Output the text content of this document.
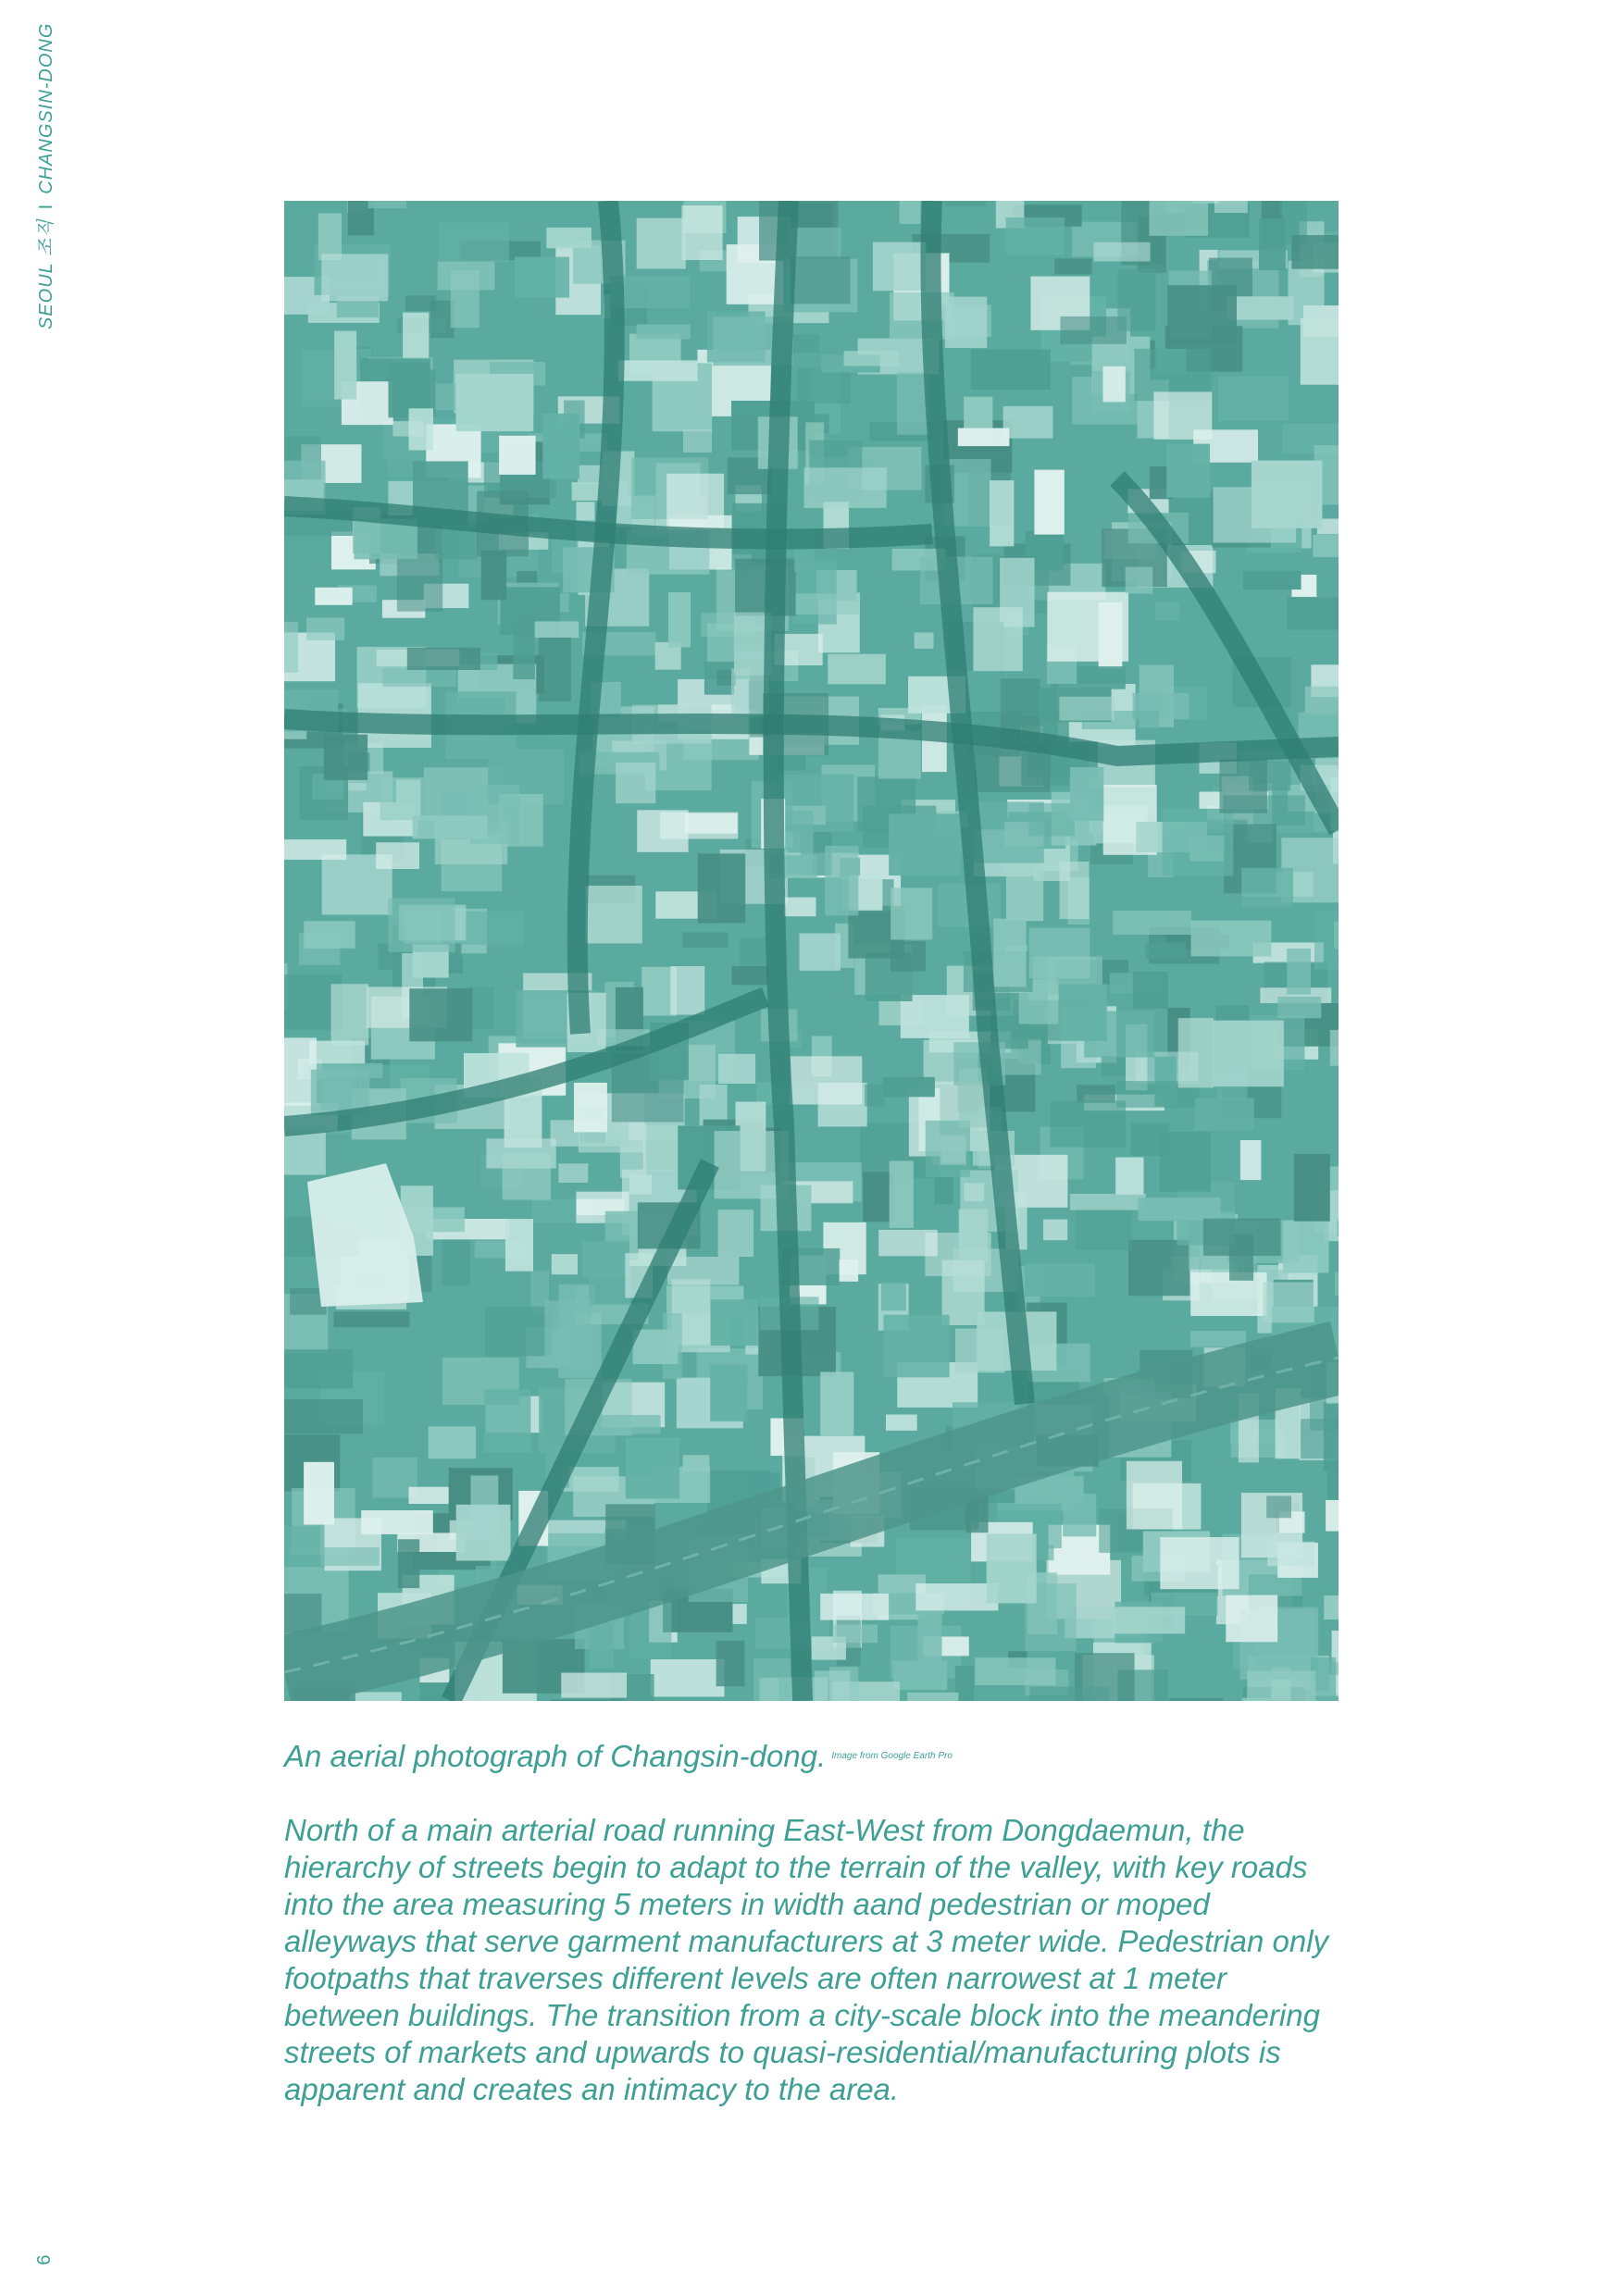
SEOUL 조직ICHANGSIN-DONG
An aerial photograph of Changsin-dong. $^{Image from Google Earth Pro}$

North of a main arterial road running East-West from Dongdaemun, the hierarchy of streets begin to adapt to the terrain of the valley, with key roads into the area measuring 5 meters in width aand pedestrian or moped alleyways that serve garment manufacturers at 3 meter wide. Pedestrian only footpaths that traverses different levels are often narrowest at 1 meter between buildings. The transition from a city-scale block into the meandering streets of markets and upwards to quasi-residential/manufacturing plots is apparent and creates an intimacy to the area.

6
